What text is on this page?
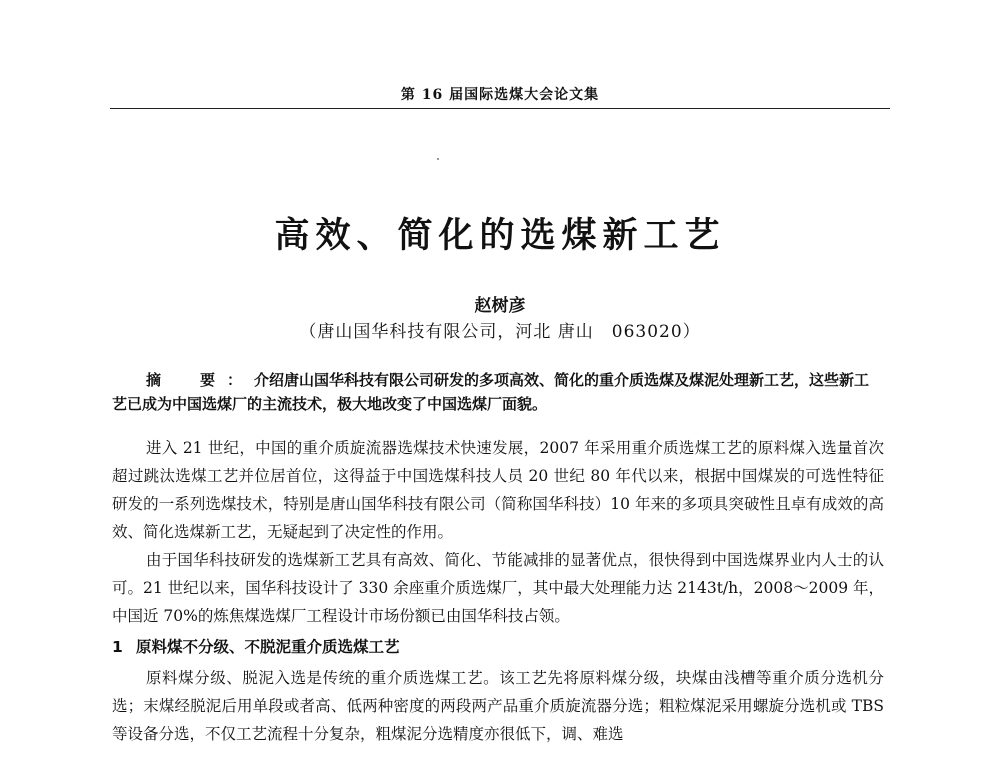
第 16 届国际选煤大会论文集
高效、简化的选煤新工艺
赵树彦
（唐山国华科技有限公司，河北 唐山　063020）
摘　要：介绍唐山国华科技有限公司研发的多项高效、简化的重介质选煤及煤泥处理新工艺，这些新工艺已成为中国选煤厂的主流技术，极大地改变了中国选煤厂面貌。

进入 21 世纪，中国的重介质旋流器选煤技术快速发展，2007 年采用重介质选煤工艺的原料煤入选量首次超过跳汰选煤工艺并位居首位，这得益于中国选煤科技人员 20 世纪 80 年代以来，根据中国煤炭的可选性特征研发的一系列选煤技术，特别是唐山国华科技有限公司（简称国华科技）10 年来的多项具突破性且卓有成效的高效、简化选煤新工艺，无疑起到了决定性的作用。

由于国华科技研发的选煤新工艺具有高效、简化、节能减排的显著优点，很快得到中国选煤界业内人士的认可。21 世纪以来，国华科技设计了 330 余座重介质选煤厂，其中最大处理能力达 2143t/h，2008～2009 年，中国近 70%的炼焦煤选煤厂工程设计市场份额已由国华科技占领。

1 原料煤不分级、不脱泥重介质选煤工艺

原料煤分级、脱泥入选是传统的重介质选煤工艺。该工艺先将原料煤分级，块煤由浅槽等重介质分选机分选；末煤经脱泥后用单段或者高、低两种密度的两段两产品重介质旋流器分选；粗粒煤泥采用螺旋分选机或 TBS 等设备分选，不仅工艺流程十分复杂，粗煤泥分选精度亦很低下，调、难选
